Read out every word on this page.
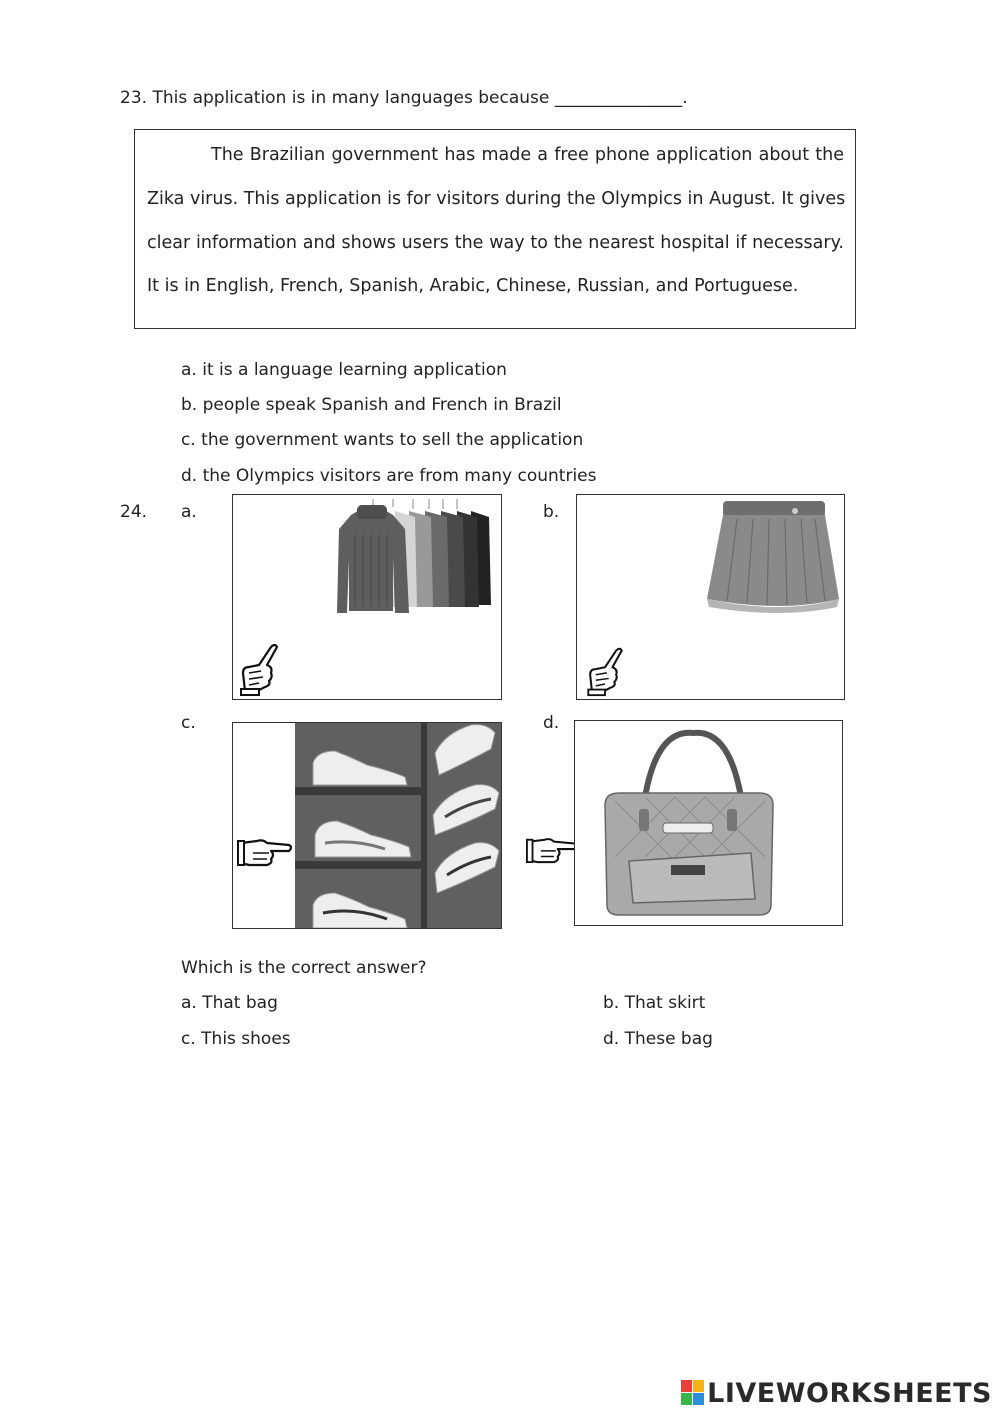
23. This application is in many languages because _______________.
The Brazilian government has made a free phone application about the
Zika virus. This application is for visitors during the Olympics in August. It gives
clear information and shows users the way to the nearest hospital if necessary.
It is in English, French, Spanish, Arabic, Chinese, Russian, and Portuguese.
a. it is a language learning application
b. people speak Spanish and French in Brazil
c. the government wants to sell the application
d. the Olympics visitors are from many countries
24. a.	b.
c.	d.
Which is the correct answer?
a. That bag	b. That skirt
c. This shoes	d. These bag
LIVEWORKSHEETS
